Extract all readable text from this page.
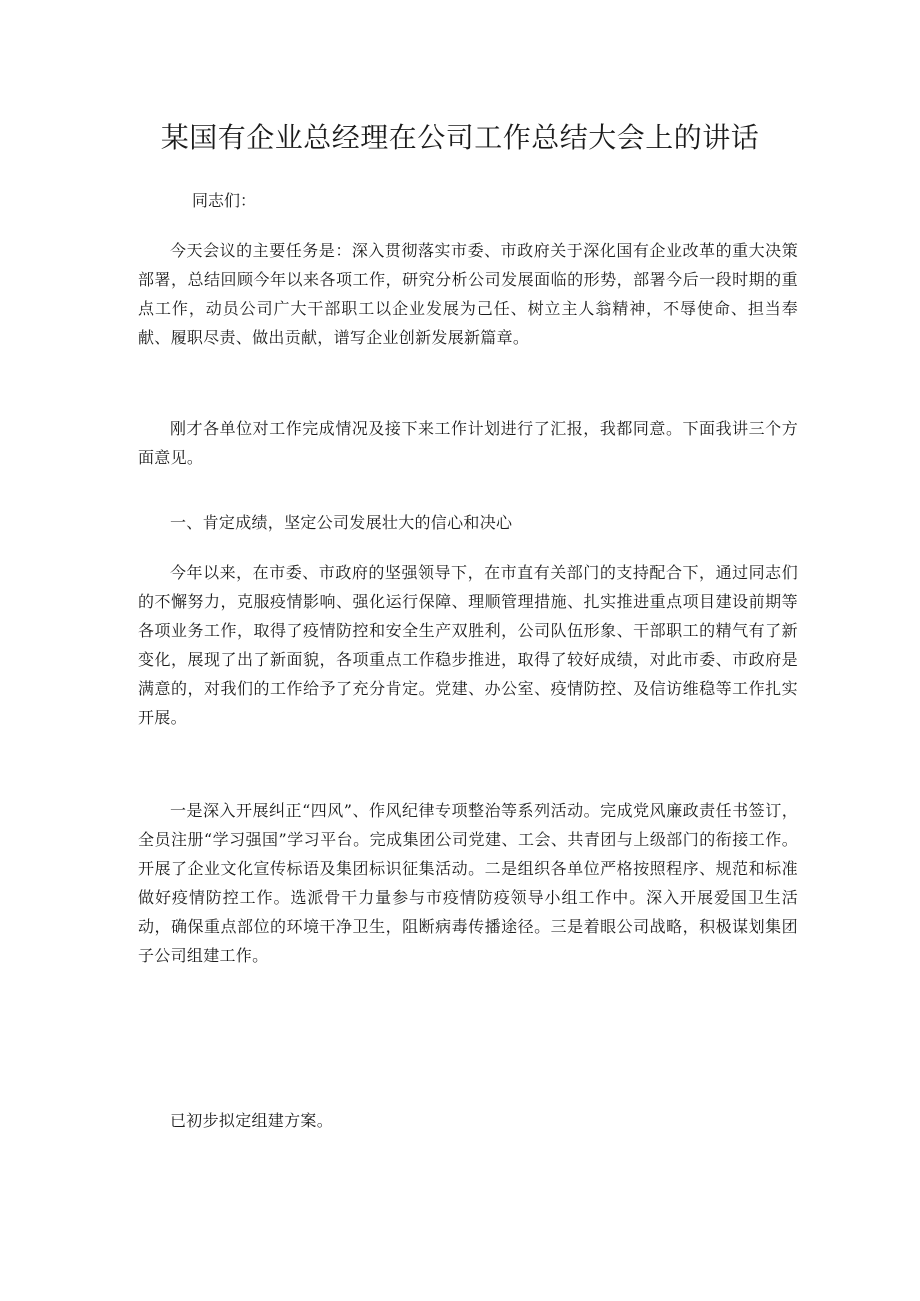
某国有企业总经理在公司工作总结大会上的讲话

同志们：

今天会议的主要任务是：深入贯彻落实市委、市政府关于深化国有企业改革的重大决策部署，总结回顾今年以来各项工作，研究分析公司发展面临的形势，部署今后一段时期的重点工作，动员公司广大干部职工以企业发展为己任、树立主人翁精神，不辱使命、担当奉献、履职尽责、做出贡献，谱写企业创新发展新篇章。

刚才各单位对工作完成情况及接下来工作计划进行了汇报，我都同意。下面我讲三个方面意见。

一、肯定成绩，坚定公司发展壮大的信心和决心

今年以来，在市委、市政府的坚强领导下，在市直有关部门的支持配合下，通过同志们的不懈努力，克服疫情影响、强化运行保障、理顺管理措施、扎实推进重点项目建设前期等各项业务工作，取得了疫情防控和安全生产双胜利，公司队伍形象、干部职工的精气有了新变化，展现了出了新面貌，各项重点工作稳步推进，取得了较好成绩，对此市委、市政府是满意的，对我们的工作给予了充分肯定。党建、办公室、疫情防控、及信访维稳等工作扎实开展。

一是深入开展纠正“四风”、作风纪律专项整治等系列活动。完成党风廉政责任书签订，全员注册“学习强国”学习平台。完成集团公司党建、工会、共青团与上级部门的衔接工作。开展了企业文化宣传标语及集团标识征集活动。二是组织各单位严格按照程序、规范和标准做好疫情防控工作。选派骨干力量参与市疫情防疫领导小组工作中。深入开展爱国卫生活动，确保重点部位的环境干净卫生，阻断病毒传播途径。三是着眼公司战略，积极谋划集团子公司组建工作。

已初步拟定组建方案。
